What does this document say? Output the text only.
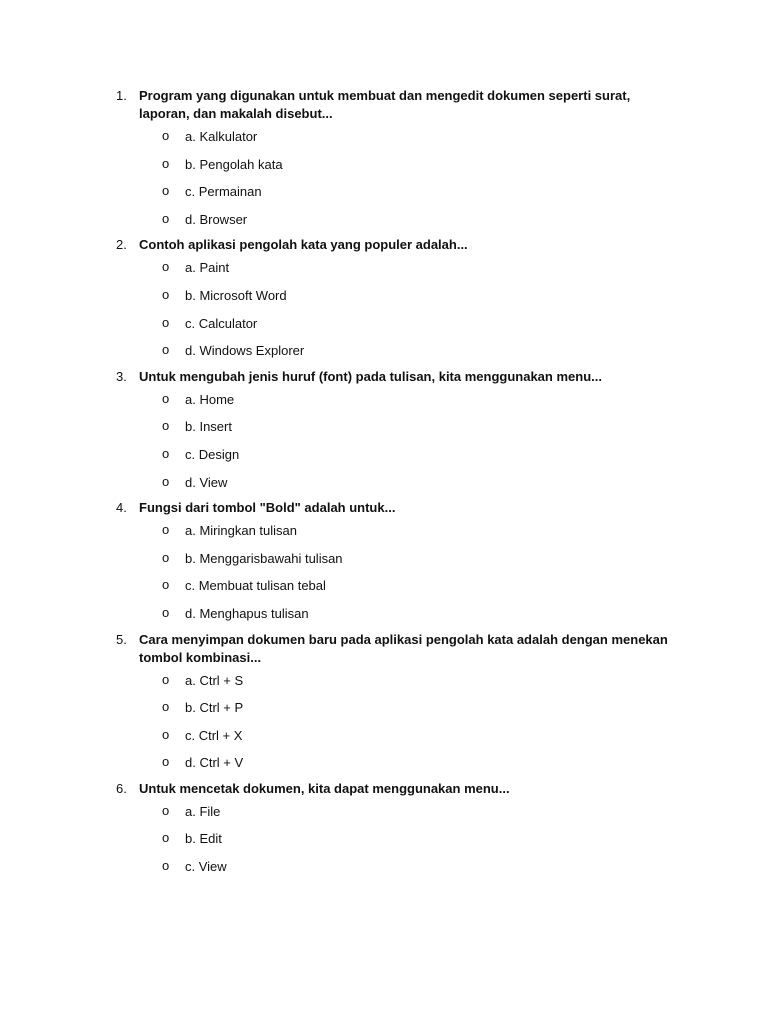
1. Program yang digunakan untuk membuat dan mengedit dokumen seperti surat, laporan, dan makalah disebut...
o a. Kalkulator
o b. Pengolah kata
o c. Permainan
o d. Browser
2. Contoh aplikasi pengolah kata yang populer adalah...
o a. Paint
o b. Microsoft Word
o c. Calculator
o d. Windows Explorer
3. Untuk mengubah jenis huruf (font) pada tulisan, kita menggunakan menu...
o a. Home
o b. Insert
o c. Design
o d. View
4. Fungsi dari tombol "Bold" adalah untuk...
o a. Miringkan tulisan
o b. Menggarisbawahi tulisan
o c. Membuat tulisan tebal
o d. Menghapus tulisan
5. Cara menyimpan dokumen baru pada aplikasi pengolah kata adalah dengan menekan tombol kombinasi...
o a. Ctrl + S
o b. Ctrl + P
o c. Ctrl + X
o d. Ctrl + V
6. Untuk mencetak dokumen, kita dapat menggunakan menu...
o a. File
o b. Edit
o c. View
